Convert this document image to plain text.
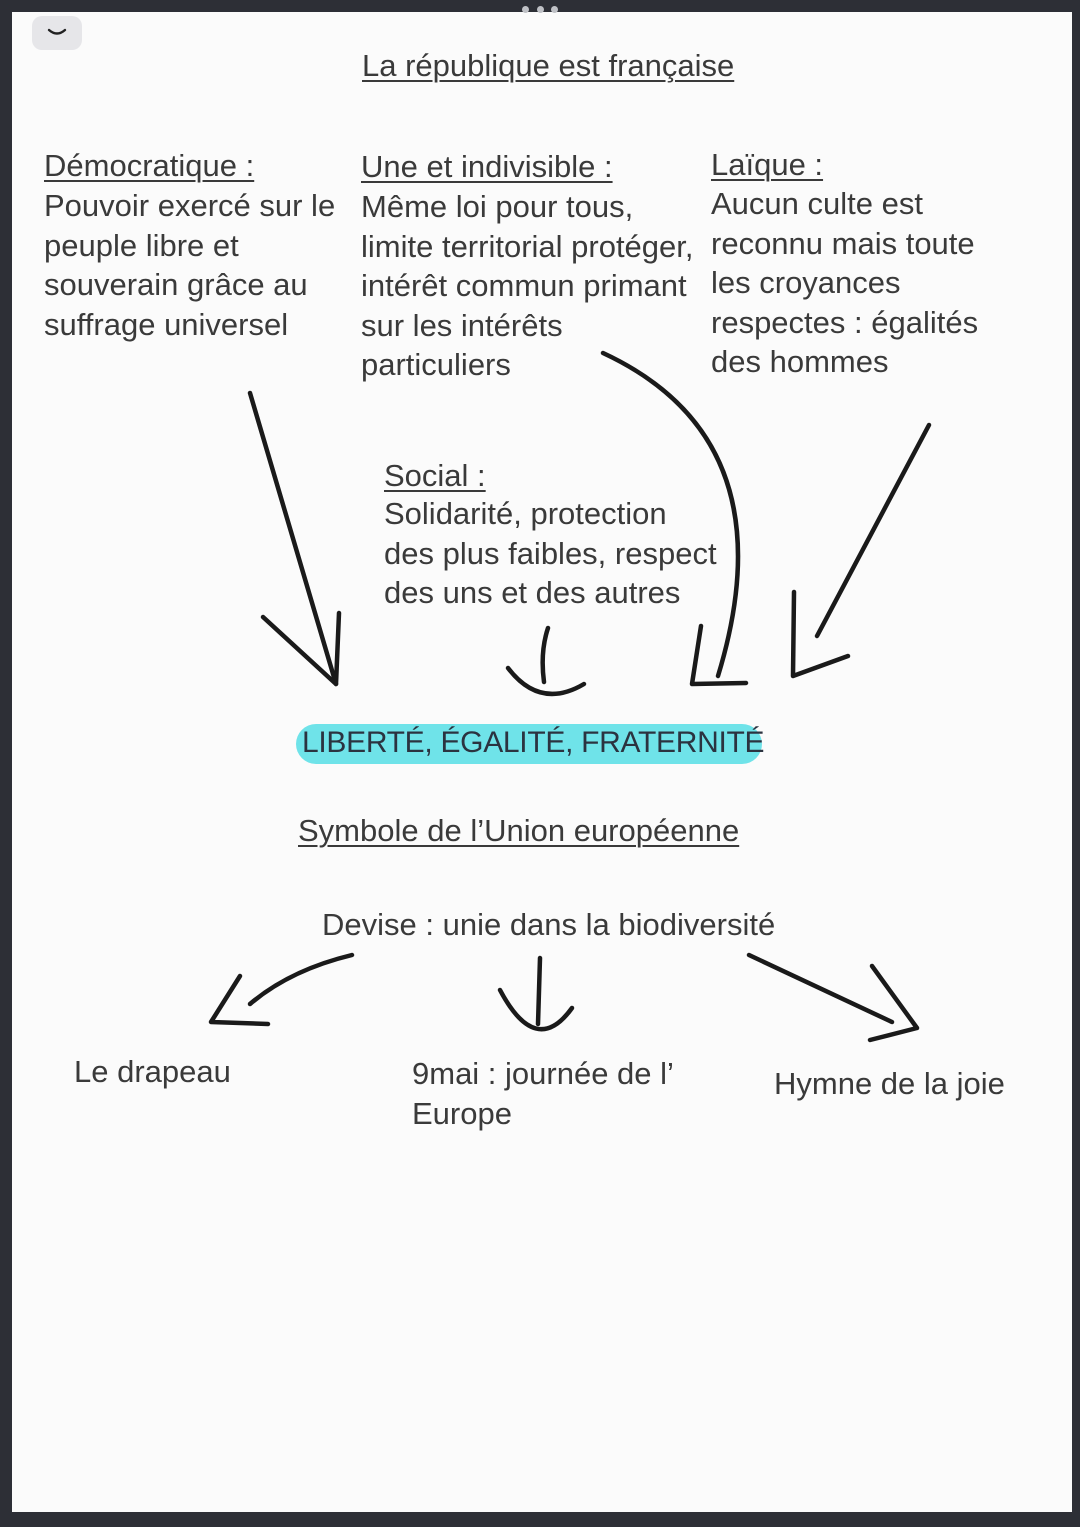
La république est française

Démocratique :

Pouvoir exercé sur le
peuple libre et
souverain grâce au
suffrage universel

Une et indivisible :

Même loi pour tous,
limite territorial protéger,
intérêt commun primant
sur les intérêts
particuliers

Laïque :

Aucun culte est
reconnu mais toute
les croyances
respectes : égalités
des hommes

Social :

Solidarité, protection
des plus faibles, respect
des uns et des autres

LIBERTÉ, ÉGALITÉ, FRATERNITÉ

Symbole de l’Union européenne

Devise : unie dans la biodiversité

Le drapeau	9mai : journée de l’
Europe

Hymne de la joie
